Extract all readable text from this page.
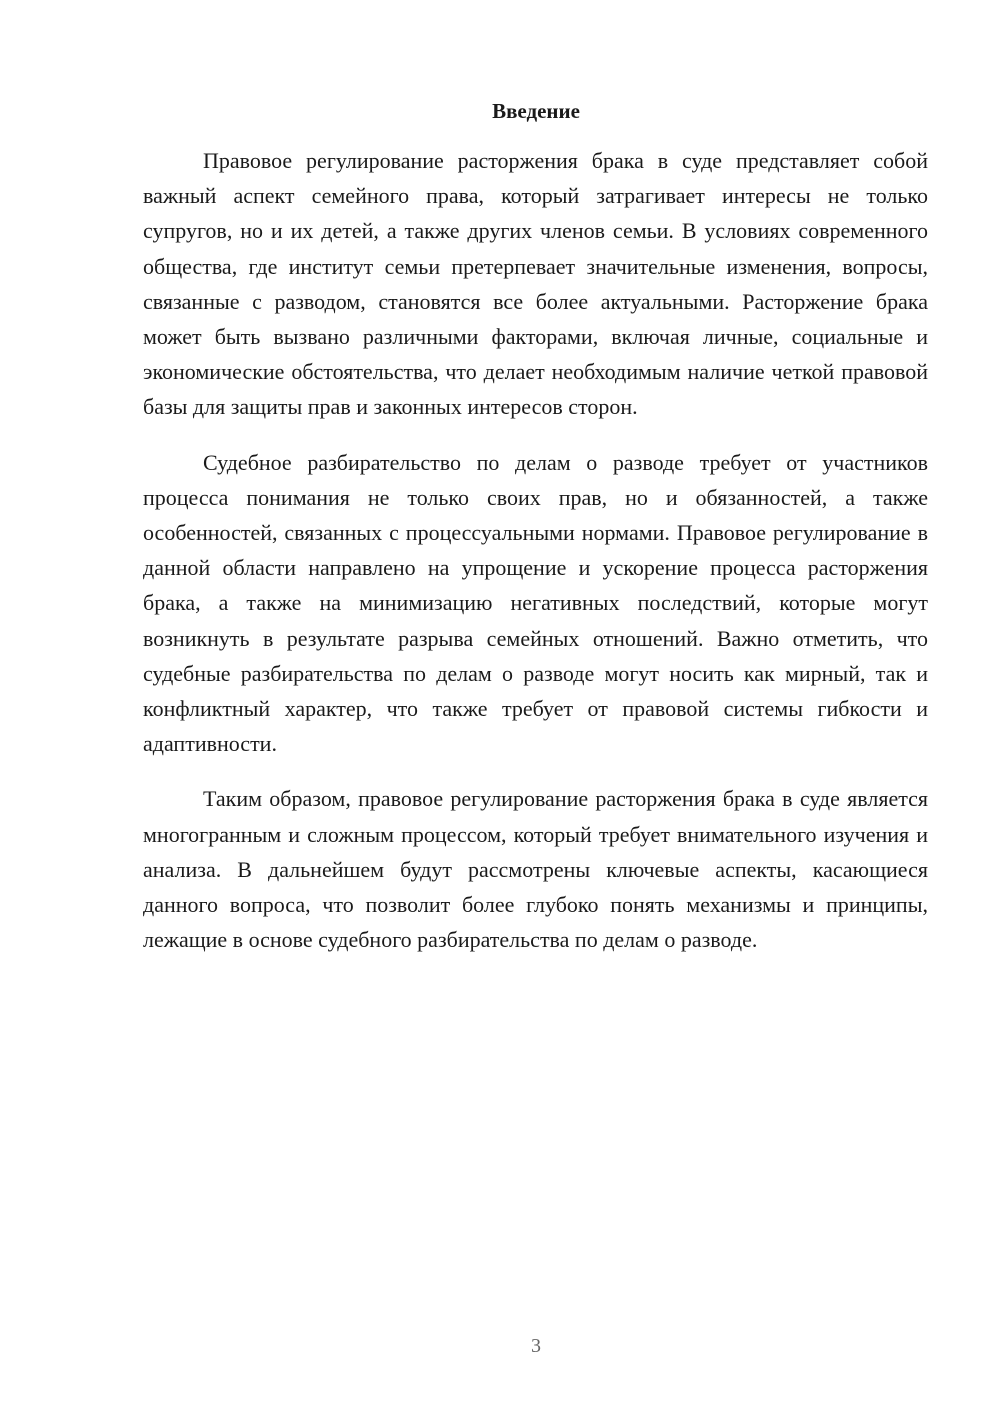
Введение

Правовое регулирование расторжения брака в суде представляет собой важный аспект семейного права, который затрагивает интересы не только супругов, но и их детей, а также других членов семьи. В условиях современного общества, где институт семьи претерпевает значительные изменения, вопросы, связанные с разводом, становятся все более актуальными. Расторжение брака может быть вызвано различными факторами, включая личные, социальные и экономические обстоятельства, что делает необходимым наличие четкой правовой базы для защиты прав и законных интересов сторон.

Судебное разбирательство по делам о разводе требует от участников процесса понимания не только своих прав, но и обязанностей, а также особенностей, связанных с процессуальными нормами. Правовое регулирование в данной области направлено на упрощение и ускорение процесса расторжения брака, а также на минимизацию негативных последствий, которые могут возникнуть в результате разрыва семейных отношений. Важно отметить, что судебные разбирательства по делам о разводе могут носить как мирный, так и конфликтный характер, что также требует от правовой системы гибкости и адаптивности.

Таким образом, правовое регулирование расторжения брака в суде является многогранным и сложным процессом, который требует внимательного изучения и анализа. В дальнейшем будут рассмотрены ключевые аспекты, касающиеся данного вопроса, что позволит более глубоко понять механизмы и принципы, лежащие в основе судебного разбирательства по делам о разводе.

3
